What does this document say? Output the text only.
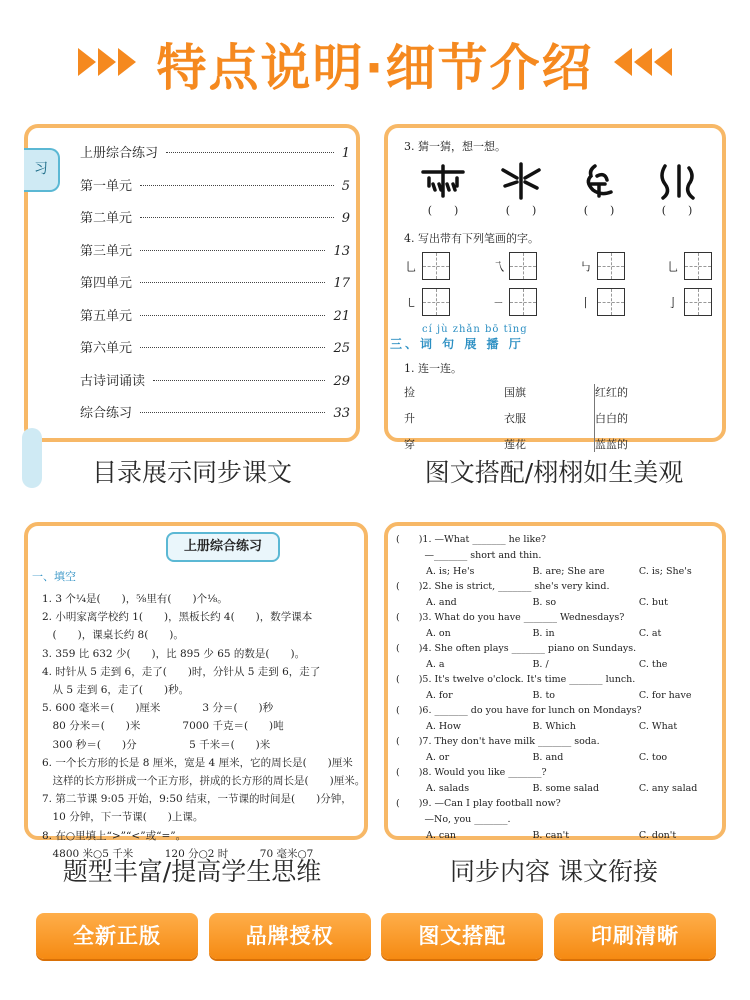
特点说明·细节介绍
习
上册综合练习	1
第一单元	5
第二单元	9
第三单元	13
第四单元	17
第五单元	21
第六单元	25
古诗词诵读	29
综合练习	33
目录展示同步课文
3. 猜一猜，想一想。
(　　)	(　　)	(　　)	(　　)
4. 写出带有下列笔画的字。
乚	乁	㇉	乚
㇄	ㄧ	丨	亅
cí jù zhǎn bō tīng
三、词 句 展 播 厅
1. 连一连。
捡	国旗	红红的
升	衣服	白白的
穿	莲花	蓝蓝的
图文搭配/栩栩如生美观
上册综合练习
一、填空
1. 3 个¼是(　　)，⅝里有(　　)个⅛。
2. 小明家离学校约 1(　　)，黑板长约 4(　　)，数学课本
　(　　)，课桌长约 8(　　)。
3. 359 比 632 少(　　)，比 895 少 65 的数是(　　)。
4. 时针从 5 走到 6，走了(　　)时，分针从 5 走到 6，走了
　从 5 走到 6，走了(　　)秒。
5. 600 毫米＝(　　)厘米　　　　3 分＝(　　)秒
　80 分米＝(　　)米　　　　7000 千克＝(　　)吨
　300 秒＝(　　)分　　　　　5 千米＝(　　)米
6. 一个长方形的长是 8 厘米，宽是 4 厘米，它的周长是(　　)厘米
　这样的长方形拼成一个正方形，拼成的长方形的周长是(　　)厘米。
7. 第二节课 9:05 开始，9:50 结束，一节课的时间是(　　)分钟，
　10 分钟，下一节课(　　)上课。
8. 在○里填上“>”“<”或“=”。
　4800 米○5 千米　　　120 分○2 时　　　70 毫米○7
题型丰富/提高学生思维
(　　)1. —What _______ he like?
　　　—_______ short and thin.
A. is; He's	B. are; She are	C. is; She's
(　　)2. She is strict, _______ she's very kind.
A. and	B. so	C. but
(　　)3. What do you have _______ Wednesdays?
A. on	B. in	C. at
(　　)4. She often plays _______ piano on Sundays.
A. a	B. /	C. the
(　　)5. It's twelve o'clock. It's time _______ lunch.
A. for	B. to	C. for have
(　　)6. _______ do you have for lunch on Mondays?
A. How	B. Which	C. What
(　　)7. They don't have milk _______ soda.
A. or	B. and	C. too
(　　)8. Would you like _______?
A. salads	B. some salad	C. any salad
(　　)9. —Can I play football now?
　　　—No, you _______.
A. can	B. can't	C. don't
同步内容 课文衔接
全新正版	品牌授权	图文搭配	印刷清晰
